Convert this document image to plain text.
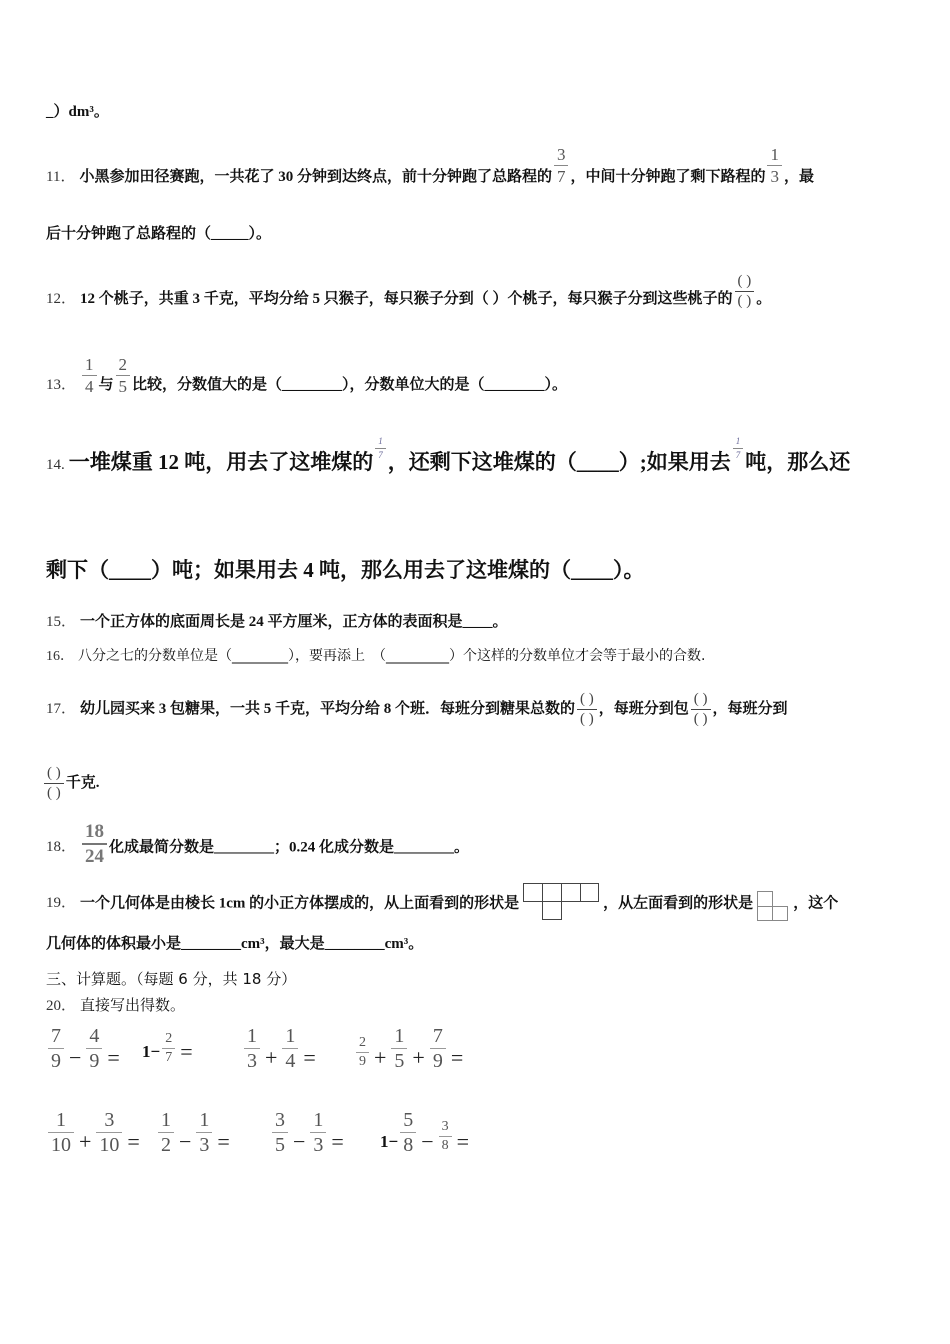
_）dm³。
11． 小黑参加田径赛跑，一共花了 30 分钟到达终点，前十分钟跑了总路程的 $\frac{3}{7}$ ，中间十分钟跑了剩下路程的 $\frac{1}{3}$ ，最
后十分钟跑了总路程的（_____）。
12． 12 个桃子，共重 3 千克，平均分给 5 只猴子，每只猴子分到（ ）个桃子，每只猴子分到这些桃子的 $\frac{( )}{( )}$ 。
13． $\frac{1}{4}$ 与 $\frac{2}{5}$ 比较，分数值大的是（________），分数单位大的是（________）。
14. 一堆煤重 12 吨，用去了这堆煤的
$\frac{1}{7}$
，还剩下这堆煤的（____）;如果用去
$\frac{1}{7}$
吨，那么还
剩下（____）吨；如果用去 4 吨，那么用去了这堆煤的（____）。
15． 一个正方体的底面周长是 24 平方厘米，正方体的表面积是____。
16． 八分之七的分数单位是（________），要再添上　（_________）个这样的分数单位才会等于最小的合数.
17． 幼儿园买来 3 包糖果，一共 5 千克，平均分给 8 个班．每班分到糖果总数的 $\frac{( )}{( )}$ ，每班分到包 $\frac{( )}{( )}$ ，每班分到
$\frac{( )}{( )}$ 千克.
18． $\frac{18}{24}$ 化成最简分数是________；0.24 化成分数是________。
19． 一个几何体是由棱长 1cm 的小正方体摆成的，从上面看到的形状是	，从左面看到的形状是	，这个
几何体的体积最小是________cm³，最大是________cm³。
三、计算题。（每题 6 分，共 18 分）
20． 直接写出得数。
$\frac{7}{9} - \frac{4}{9} = 1- \frac{2}{7}$ =	$\frac{1}{3} + \frac{1}{4}$ =	$\frac{2}{9} + \frac{1}{5} + \frac{7}{9}$ =
$\frac{1}{10} + \frac{3}{10} = \frac{1}{2} - \frac{1}{3} = \frac{3}{5} - \frac{1}{3} = 1- \frac{5}{8} - \frac{3}{8}$ =
